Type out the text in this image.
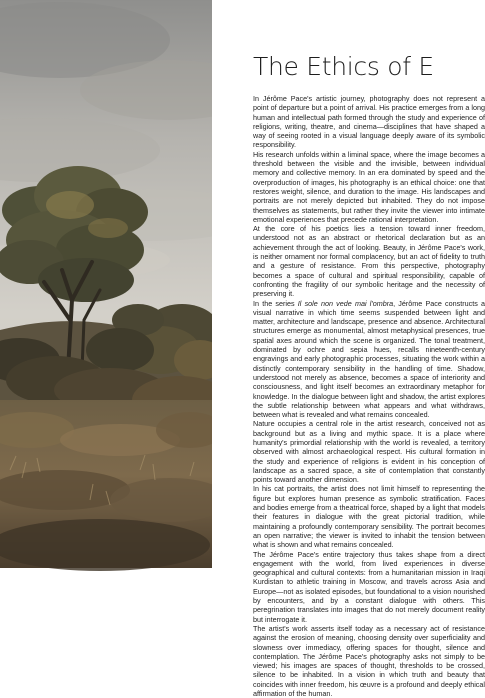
The Ethics of E

In Jérôme Pace's artistic journey, photography does not represent a point of departure but a point of arrival. His practice emerges from a long human and intellectual path formed through the study and experience of religions, writing, theatre, and cinema—disciplines that have shaped a way of seeing rooted in a visual language deeply aware of its symbolic responsibility.

His research unfolds within a liminal space, where the image becomes a threshold between the visible and the invisible, between individual memory and collective memory. In an era dominated by speed and the overproduction of images, his photography is an ethical choice: one that restores weight, silence, and duration to the image. His landscapes and portraits are not merely depicted but inhabited. They do not impose themselves as statements, but rather they invite the viewer into intimate emotional experiences that precede rational interpretation.

At the core of his poetics lies a tension toward inner freedom, understood not as an abstract or rhetorical declaration but as an achievement through the act of looking. Beauty, in Jérôme Pace's work, is neither ornament nor formal complacency, but an act of fidelity to truth and a gesture of resistance. From this perspective, photography becomes a space of cultural and spiritual responsibility, capable of confronting the fragility of our symbolic heritage and the necessity of preserving it.

In the series Il sole non vede mai l'ombra, Jérôme Pace constructs a visual narrative in which time seems suspended between light and matter, architecture and landscape, presence and absence. Architectural structures emerge as monumental, almost metaphysical presences, true spatial axes around which the scene is organized. The tonal treatment, dominated by ochre and sepia hues, recalls nineteenth-century engravings and early photographic processes, situating the work within a distinctly contemporary sensibility in the handling of time. Shadow, understood not merely as absence, becomes a space of interiority and consciousness, and light itself becomes an extraordinary metaphor for knowledge. In the dialogue between light and shadow, the artist explores the subtle relationship between what appears and what withdraws, between what is revealed and what remains concealed.

Nature occupies a central role in the artist research, conceived not as background but as a living and mythic space. It is a place where humanity's primordial relationship with the world is revealed, a territory observed with almost archaeological respect. His cultural formation in the study and experience of religions is evident in his conception of landscape as a sacred space, a site of contemplation that constantly points toward another dimension.

In his cat portraits, the artist does not limit himself to representing the figure but explores human presence as symbolic stratification. Faces and bodies emerge from a theatrical force, shaped by a light that models their features in dialogue with the great pictorial tradition, while maintaining a profoundly contemporary sensibility. The portrait becomes an open narrative; the viewer is invited to inhabit the tension between what is shown and what remains concealed.

The Jérôme Pace's entire trajectory thus takes shape from a direct engagement with the world, from lived experiences in diverse geographical and cultural contexts: from a humanitarian mission in Iraqi Kurdistan to athletic training in Moscow, and travels across Asia and Europe—not as isolated episodes, but foundational to a vision nourished by encounters, and by a constant dialogue with others. This peregrination translates into images that do not merely document reality but interrogate it.

The artist's work asserts itself today as a necessary act of resistance against the erosion of meaning, choosing density over superficiality and slowness over immediacy, offering spaces for thought, silence and contemplation. The Jérôme Pace's photography asks not simply to be viewed; his images are spaces of thought, thresholds to be crossed, silence to be inhabited. In a vision in which truth and beauty that coincides with inner freedom, his œuvre is a profound and deeply ethical affirmation of the human.
